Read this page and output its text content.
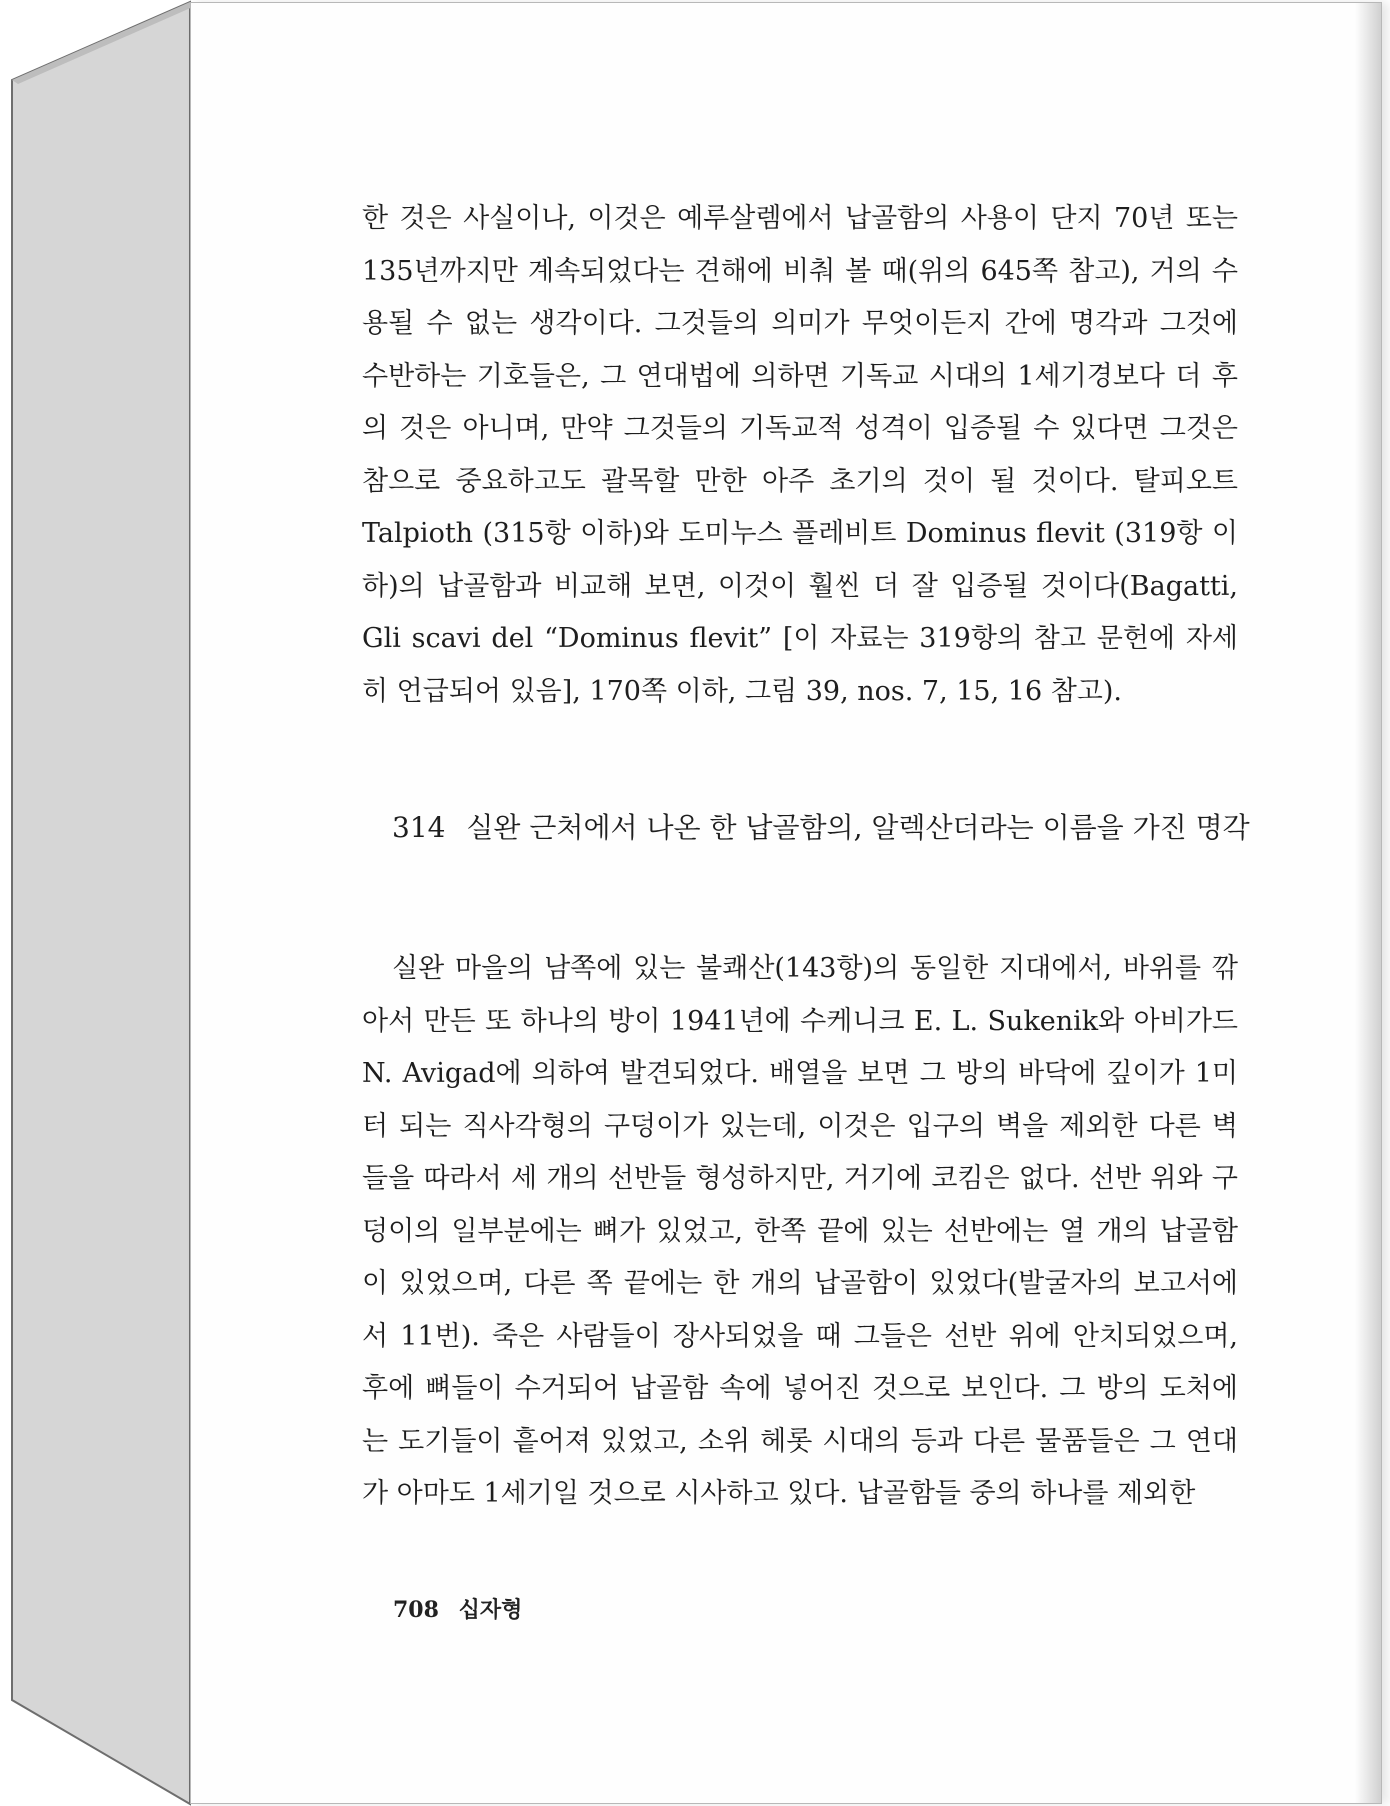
한 것은 사실이나, 이것은 예루살렘에서 납골함의 사용이 단지 70년 또는 135년까지만 계속되었다는 견해에 비춰 볼 때(위의 645쪽 참고), 거의 수용될 수 없는 생각이다. 그것들의 의미가 무엇이든지 간에 명각과 그것에 수반하는 기호들은, 그 연대법에 의하면 기독교 시대의 1세기경보다 더 후의 것은 아니며, 만약 그것들의 기독교적 성격이 입증될 수 있다면 그것은 참으로 중요하고도 괄목할 만한 아주 초기의 것이 될 것이다. 탈피오트 Talpioth (315항 이하)와 도미누스 플레비트 Dominus flevit (319항 이하)의 납골함과 비교해 보면, 이것이 훨씬 더 잘 입증될 것이다(Bagatti, Gli scavi del “Dominus flevit” [이 자료는 319항의 참고 문헌에 자세히 언급되어 있음], 170쪽 이하, 그림 39, nos. 7, 15, 16 참고).

314 실완 근처에서 나온 한 납골함의, 알렉산더라는 이름을 가진 명각

실완 마을의 남쪽에 있는 불쾌산(143항)의 동일한 지대에서, 바위를 깎아서 만든 또 하나의 방이 1941년에 수케니크 E. L. Sukenik와 아비가드 N. Avigad에 의하여 발견되었다. 배열을 보면 그 방의 바닥에 깊이가 1미터 되는 직사각형의 구덩이가 있는데, 이것은 입구의 벽을 제외한 다른 벽들을 따라서 세 개의 선반들 형성하지만, 거기에 코킴은 없다. 선반 위와 구덩이의 일부분에는 뼈가 있었고, 한쪽 끝에 있는 선반에는 열 개의 납골함이 있었으며, 다른 쪽 끝에는 한 개의 납골함이 있었다(발굴자의 보고서에서 11번). 죽은 사람들이 장사되었을 때 그들은 선반 위에 안치되었으며, 후에 뼈들이 수거되어 납골함 속에 넣어진 것으로 보인다. 그 방의 도처에는 도기들이 흩어져 있었고, 소위 헤롯 시대의 등과 다른 물품들은 그 연대가 아마도 1세기일 것으로 시사하고 있다. 납골함들 중의 하나를 제외한

708 십자형
